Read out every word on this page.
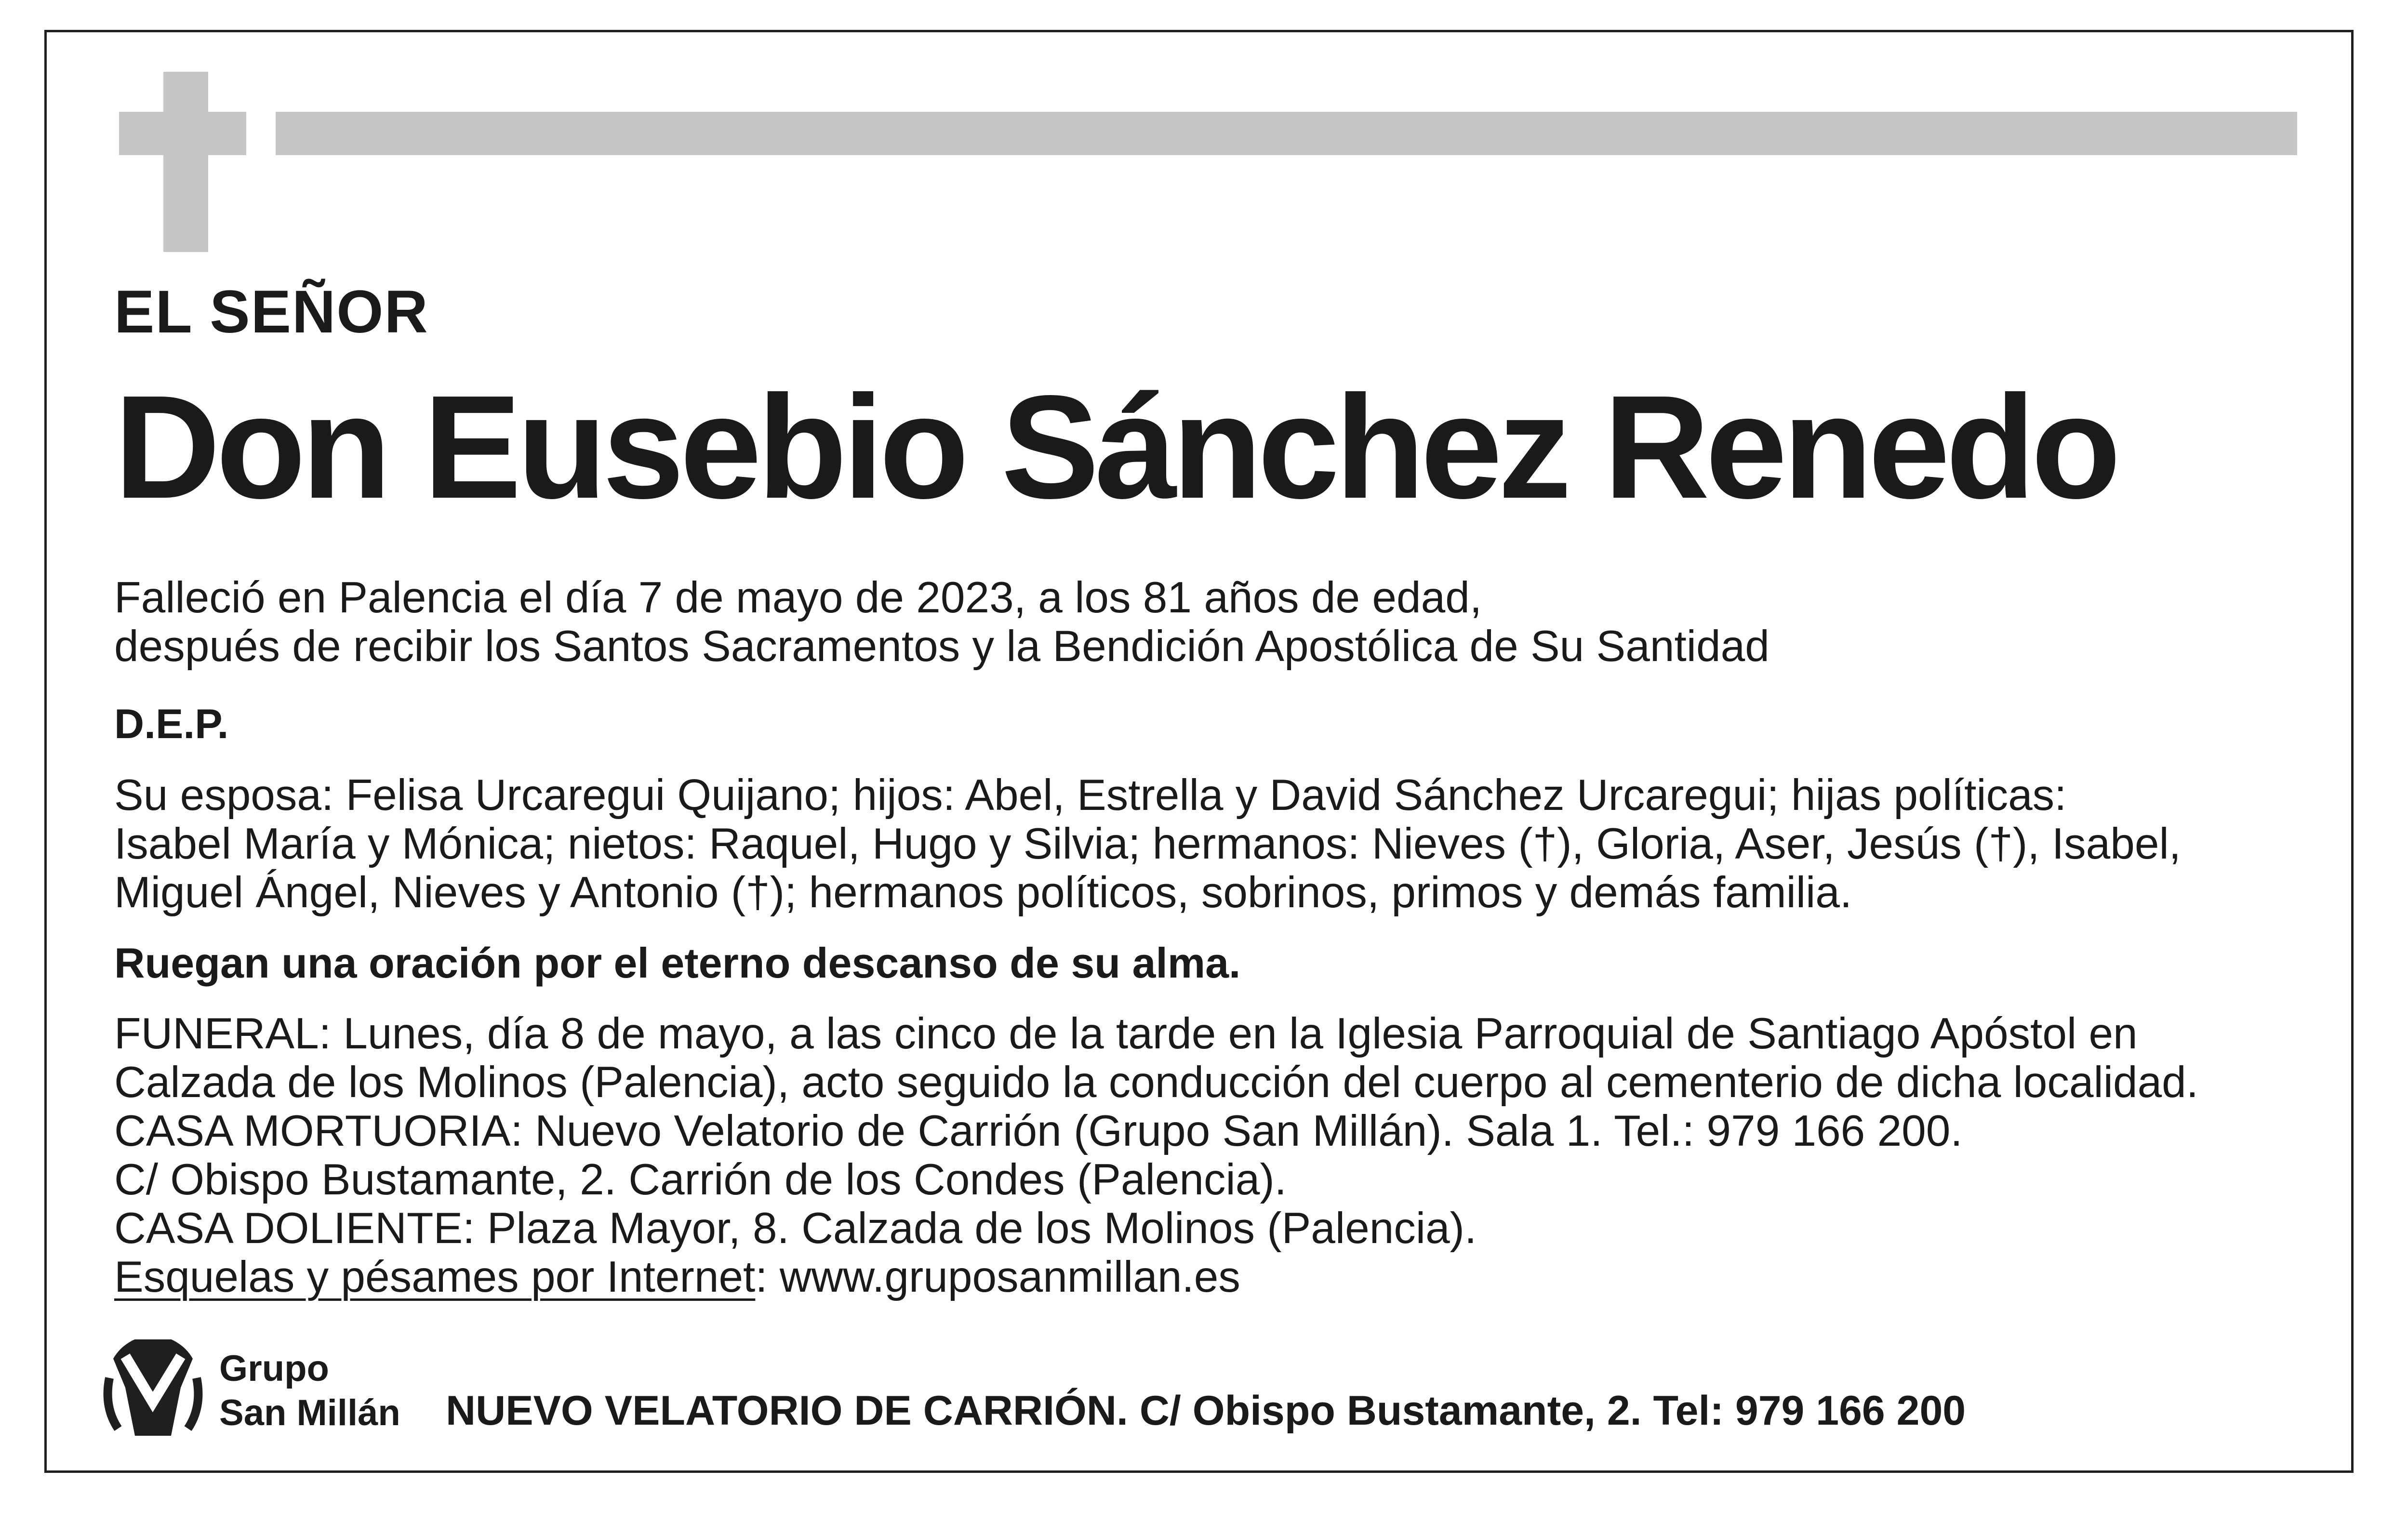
EL SEÑOR
Don Eusebio Sánchez Renedo
Falleció en Palencia el día 7 de mayo de 2023, a los 81 años de edad,
después de recibir los Santos Sacramentos y la Bendición Apostólica de Su Santidad
D.E.P.
Su esposa: Felisa Urcaregui Quijano; hijos: Abel, Estrella y David Sánchez Urcaregui; hijas políticas:
Isabel María y Mónica; nietos: Raquel, Hugo y Silvia; hermanos: Nieves (†), Gloria, Aser, Jesús (†), Isabel,
Miguel Ángel, Nieves y Antonio (†); hermanos políticos, sobrinos, primos y demás familia.
Ruegan una oración por el eterno descanso de su alma.
FUNERAL: Lunes, día 8 de mayo, a las cinco de la tarde en la Iglesia Parroquial de Santiago Apóstol en
Calzada de los Molinos (Palencia), acto seguido la conducción del cuerpo al cementerio de dicha localidad.
CASA MORTUORIA: Nuevo Velatorio de Carrión (Grupo San Millán). Sala 1. Tel.: 979 166 200.
C/ Obispo Bustamante, 2. Carrión de los Condes (Palencia).
CASA DOLIENTE: Plaza Mayor, 8. Calzada de los Molinos (Palencia).
Esquelas y pésames por Internet: www.gruposanmillan.es
Grupo
San Millán NUEVO VELATORIO DE CARRIÓN. C/ Obispo Bustamante, 2. Tel: 979 166 200
